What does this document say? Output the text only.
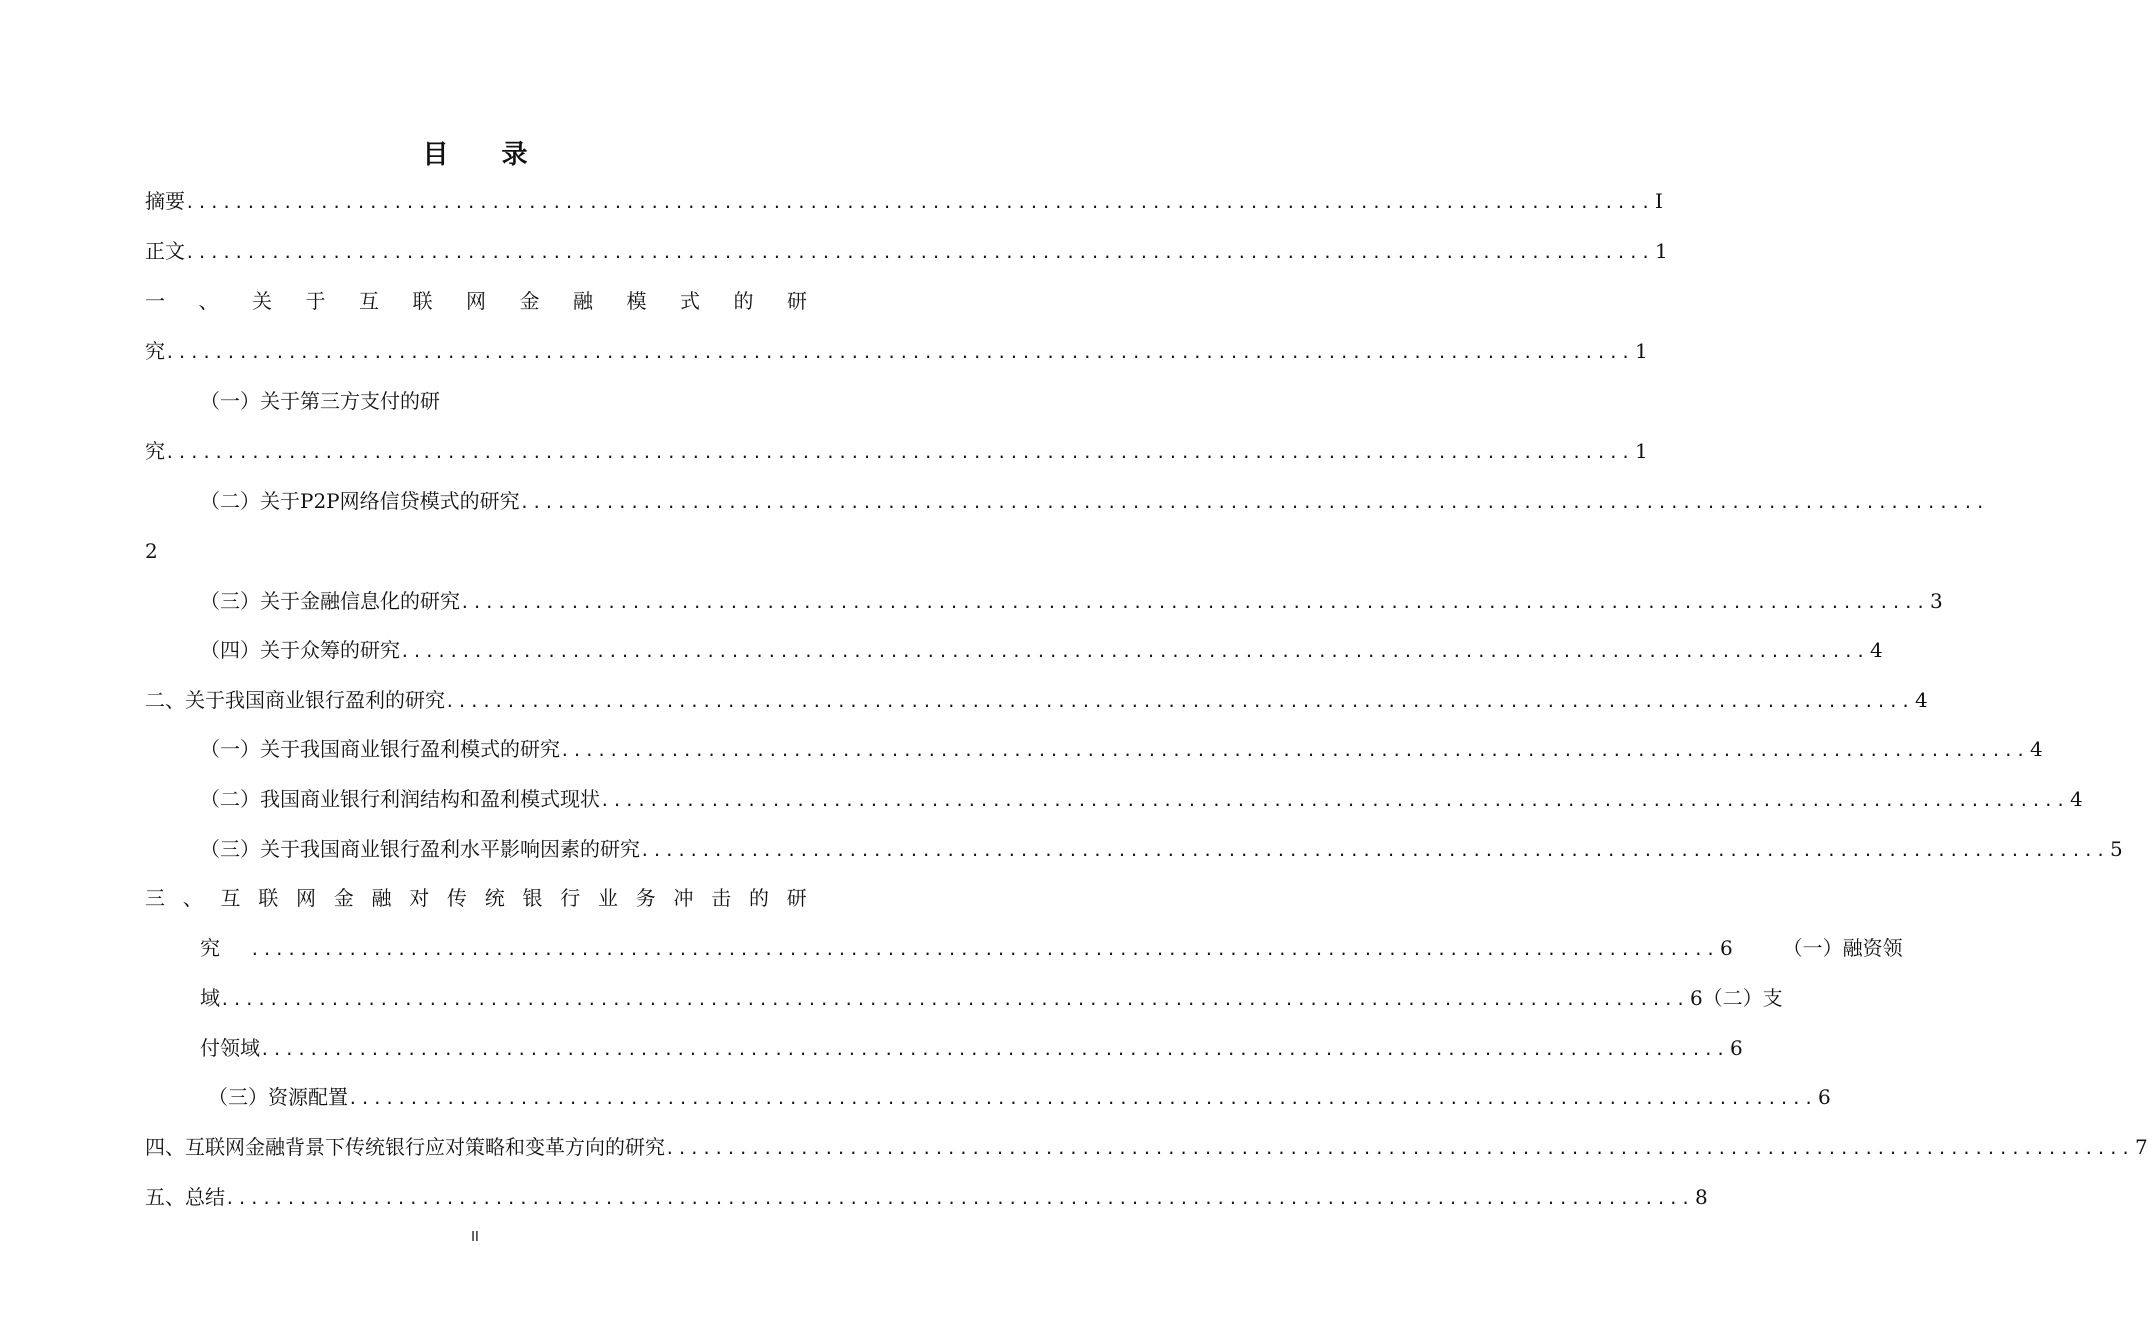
目 录
摘要 ........................................................................................................................ I
正文 ........................................................................................................................ 1
一 、 关 于 互 联 网 金 融 模 式 的 研
究 ........................................................................................................................ 1
（一）关于第三方支付的研
究 ........................................................................................................................ 1
（二）关于P2P网络信贷模式的研究 ........................................................................................................................
2
（三）关于金融信息化的研究 ........................................................................................................................ 3
（四）关于众筹的研究 ........................................................................................................................ 4
二、关于我国商业银行盈利的研究 ........................................................................................................................ 4
（一）关于我国商业银行盈利模式的研究 ........................................................................................................................ 4
（二）我国商业银行利润结构和盈利模式现状 ........................................................................................................................ 4
（三）关于我国商业银行盈利水平影响因素的研究 ........................................................................................................................ 5
三 、 互 联 网 金 融 对 传 统 银 行 业 务 冲 击 的 研
究 ........................................................................................................................ 6	（ 一 ） 融 资 领
域 ........................................................................................................................ 6 （二）支
付领域 ........................................................................................................................ 6
（三）资源配置 ........................................................................................................................ 6
四、互联网金融背景下传统银行应对策略和变革方向的研究 ........................................................................................................................ 7
五、总结 ........................................................................................................................ 8
II
